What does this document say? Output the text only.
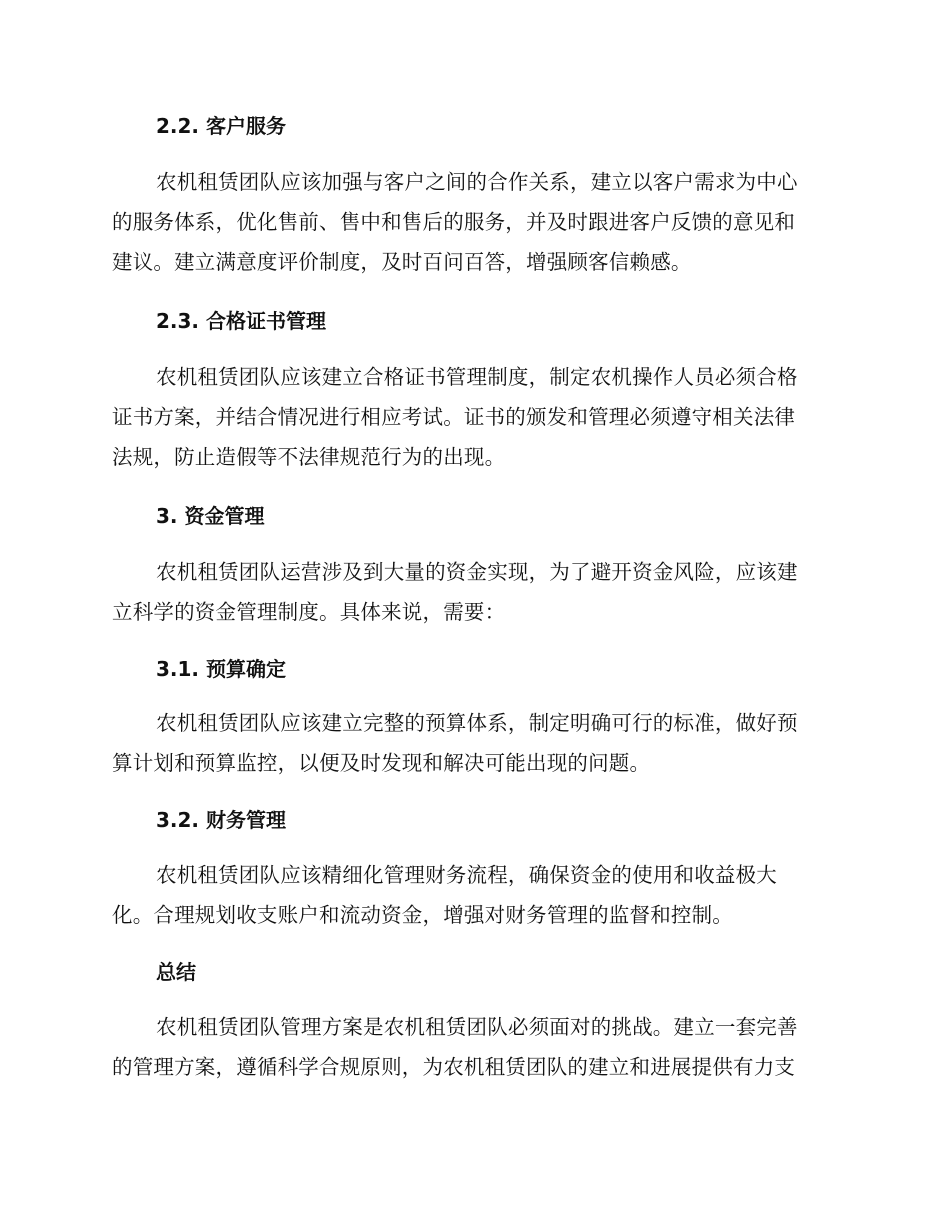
2.2. 客户服务

农机租赁团队应该加强与客户之间的合作关系，建立以客户需求为中心
的服务体系，优化售前、售中和售后的服务，并及时跟进客户反馈的意见和
建议。建立满意度评价制度，及时百问百答，增强顾客信赖感。

2.3. 合格证书管理

农机租赁团队应该建立合格证书管理制度，制定农机操作人员必须合格
证书方案，并结合情况进行相应考试。证书的颁发和管理必须遵守相关法律
法规，防止造假等不法律规范行为的出现。

3. 资金管理

农机租赁团队运营涉及到大量的资金实现，为了避开资金风险，应该建
立科学的资金管理制度。具体来说，需要：

3.1. 预算确定

农机租赁团队应该建立完整的预算体系，制定明确可行的标准，做好预
算计划和预算监控，以便及时发现和解决可能出现的问题。

3.2. 财务管理

农机租赁团队应该精细化管理财务流程，确保资金的使用和收益极大
化。合理规划收支账户和流动资金，增强对财务管理的监督和控制。

总结

农机租赁团队管理方案是农机租赁团队必须面对的挑战。建立一套完善
的管理方案，遵循科学合规原则，为农机租赁团队的建立和进展提供有力支
